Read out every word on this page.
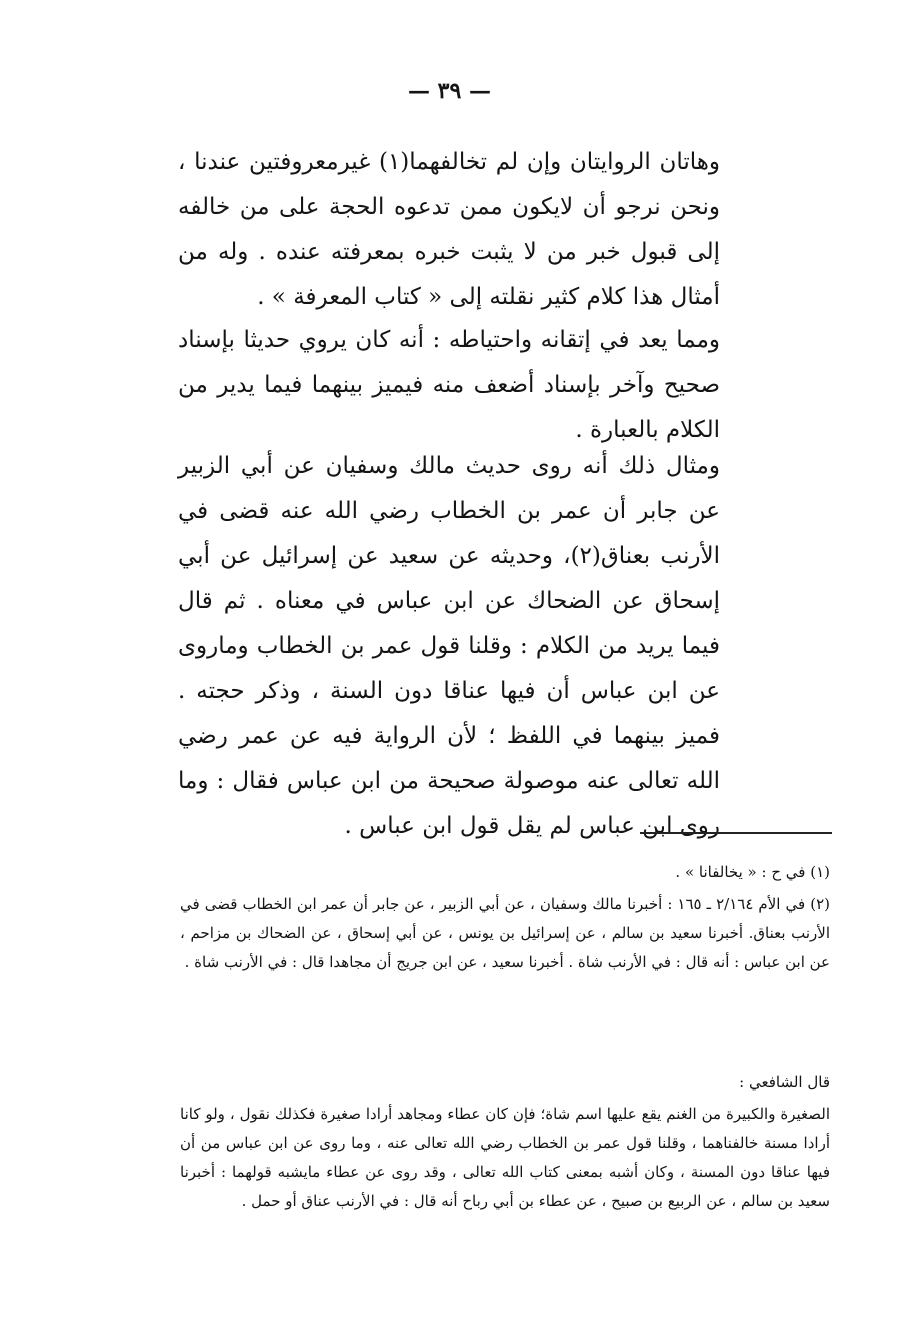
— ٣٩ —
وهاتان الروايتان وإن لم تخالفهما(١) غيرمعروفتين عندنا ، ونحن نرجو أن لايكون ممن تدعوه الحجة على من خالفه إلى قبول خبر من لا يثبت خبره بمعرفته عنده . وله من أمثال هذا كلام كثير نقلته إلى « كتاب المعرفة » .
ومما يعد في إتقانه واحتياطه : أنه كان يروي حديثا بإسناد صحيح وآخر بإسناد أضعف منه فيميز بينهما فيما يدير من الكلام بالعبارة .
ومثال ذلك أنه روى حديث مالك وسفيان عن أبي الزبير عن جابر أن عمر بن الخطاب رضي الله عنه قضى في الأرنب بعناق(٢)، وحديثه عن سعيد عن إسرائيل عن أبي إسحاق عن الضحاك عن ابن عباس في معناه . ثم قال فيما يريد من الكلام : وقلنا قول عمر بن الخطاب وماروى عن ابن عباس أن فيها عناقا دون السنة ، وذكر حجته . فميز بينهما في اللفظ ؛ لأن الرواية فيه عن عمر رضي الله تعالى عنه موصولة صحيحة من ابن عباس فقال : وما روى ابن عباس لم يقل قول ابن عباس .
(١) في ح : « يخالفانا » .
(٢) في الأم ٢/١٦٤ ـ ١٦٥ : أخبرنا مالك وسفيان ، عن أبي الزبير ، عن جابر أن عمر ابن الخطاب قضى في الأرنب بعناق. أخبرنا سعيد بن سالم ، عن إسرائيل بن يونس ، عن أبي إسحاق ، عن الضحاك بن مزاحم ، عن ابن عباس : أنه قال : في الأرنب شاة . أخبرنا سعيد ، عن ابن جريج أن مجاهدا قال : في الأرنب شاة .
قال الشافعي :
الصغيرة والكبيرة من الغنم يقع عليها اسم شاة؛ فإن كان عطاء ومجاهد أرادا صغيرة فكذلك نقول ، ولو كانا أرادا مسنة خالفناهما ، وقلنا قول عمر بن الخطاب رضي الله تعالى عنه ، وما روى عن ابن عباس من أن فيها عناقا دون المسنة ، وكان أشبه بمعنى كتاب الله تعالى ، وقد روى عن عطاء مايشبه قولهما : أخبرنا سعيد بن سالم ، عن الربيع بن صبيح ، عن عطاء بن أبي رباح أنه قال : في الأرنب عناق أو حمل .
